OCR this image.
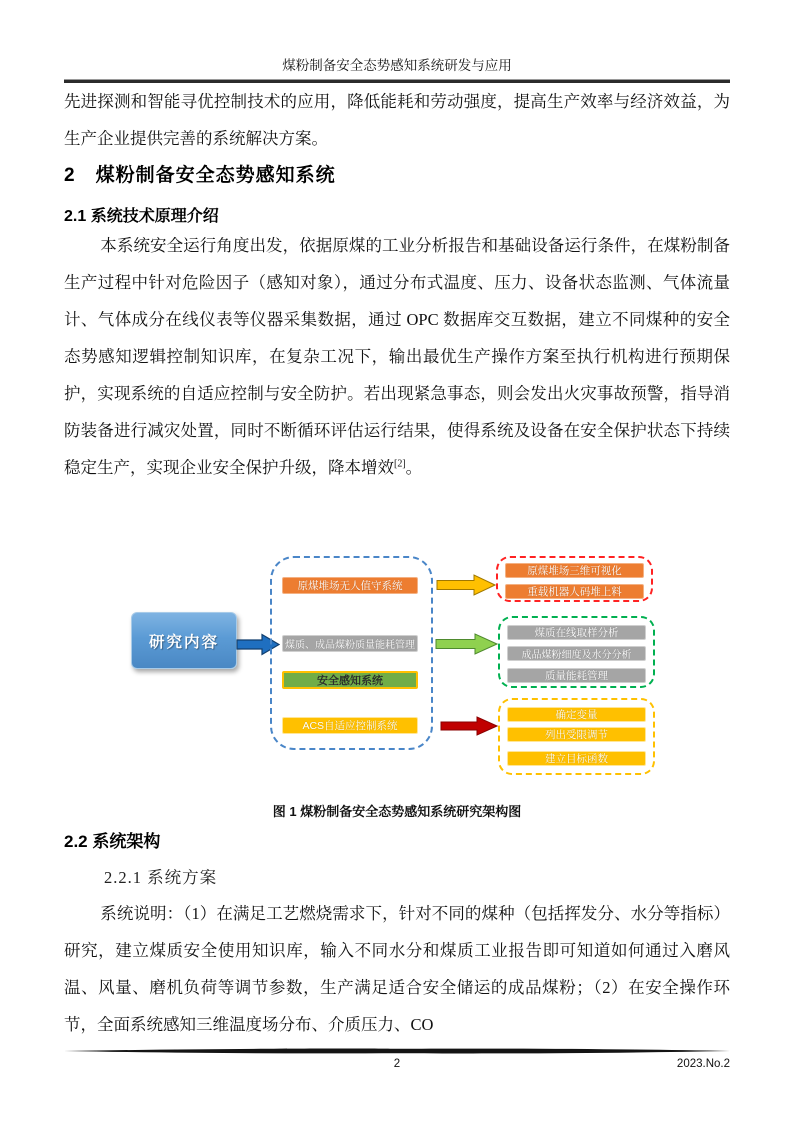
煤粉制备安全态势感知系统研发与应用
先进探测和智能寻优控制技术的应用，降低能耗和劳动强度，提高生产效率与经济效益，为生产企业提供完善的系统解决方案。
2　煤粉制备安全态势感知系统
2.1 系统技术原理介绍
本系统安全运行角度出发，依据原煤的工业分析报告和基础设备运行条件，在煤粉制备生产过程中针对危险因子（感知对象），通过分布式温度、压力、设备状态监测、气体流量计、气体成分在线仪表等仪器采集数据，通过 OPC 数据库交互数据，建立不同煤种的安全态势感知逻辑控制知识库，在复杂工况下，输出最优生产操作方案至执行机构进行预期保护，实现系统的自适应控制与安全防护。若出现紧急事态，则会发出火灾事故预警，指导消防装备进行减灾处置，同时不断循环评估运行结果，使得系统及设备在安全保护状态下持续稳定生产，实现企业安全保护升级，降本增效[2]。
研究内容
原煤堆场无人值守系统
煤质、成品煤粉质量能耗管理
安全感知系统
ACS自适应控制系统
原煤堆场三维可视化
重载机器人码堆上料
煤质在线取样分析
成品煤粉细度及水分分析
质量能耗管理
确定变量
列出受限调节
建立目标函数
图 1 煤粉制备安全态势感知系统研究架构图
2.2 系统架构
2.2.1 系统方案
系统说明：（1）在满足工艺燃烧需求下，针对不同的煤种（包括挥发分、水分等指标）研究，建立煤质安全使用知识库，输入不同水分和煤质工业报告即可知道如何通过入磨风温、风量、磨机负荷等调节参数，生产满足适合安全储运的成品煤粉；（2）在安全操作环节，全面系统感知三维温度场分布、介质压力、CO
2	2023.No.2
